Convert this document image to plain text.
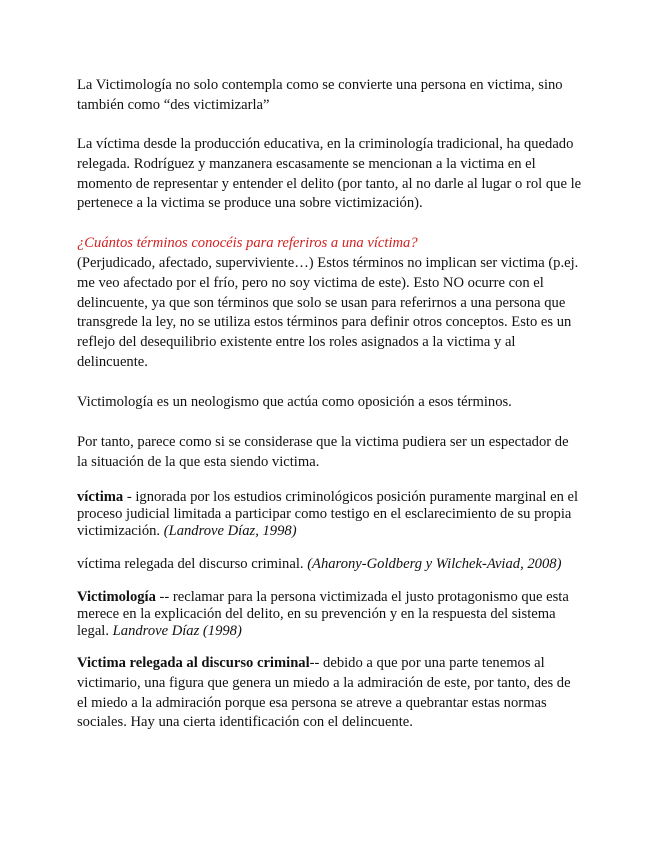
La Victimología no solo contempla como se convierte una persona en victima, sino también como “des victimizarla”

La víctima desde la producción educativa, en la criminología tradicional, ha quedado relegada. Rodríguez y manzanera escasamente se mencionan a la victima en el momento de representar y entender el delito (por tanto, al no darle al lugar o rol que le pertenece a la victima se produce una sobre victimización).

¿Cuántos términos conocéis para referiros a una víctima?

(Perjudicado, afectado, superviviente…) Estos términos no implican ser victima (p.ej. me veo afectado por el frío, pero no soy victima de este). Esto NO ocurre con el delincuente, ya que son términos que solo se usan para referirnos a una persona que transgrede la ley, no se utiliza estos términos para definir otros conceptos. Esto es un reflejo del desequilibrio existente entre los roles asignados a la victima y al delincuente.

Victimología es un neologismo que actúa como oposición a esos términos.

Por tanto, parece como si se considerase que la victima pudiera ser un espectador de la situación de la que esta siendo victima.

víctima - ignorada por los estudios criminológicos posición puramente marginal en el proceso judicial limitada a participar como testigo en el esclarecimiento de su propia victimización. (Landrove Díaz, 1998)

víctima relegada del discurso criminal. (Aharony-Goldberg y Wilchek-Aviad, 2008)

Victimología -- reclamar para la persona victimizada el justo protagonismo que esta merece en la explicación del delito, en su prevención y en la respuesta del sistema legal. Landrove Díaz (1998)

Victima relegada al discurso criminal-- debido a que por una parte tenemos al victimario, una figura que genera un miedo a la admiración de este, por tanto, des de el miedo a la admiración porque esa persona se atreve a quebrantar estas normas sociales. Hay una cierta identificación con el delincuente.
